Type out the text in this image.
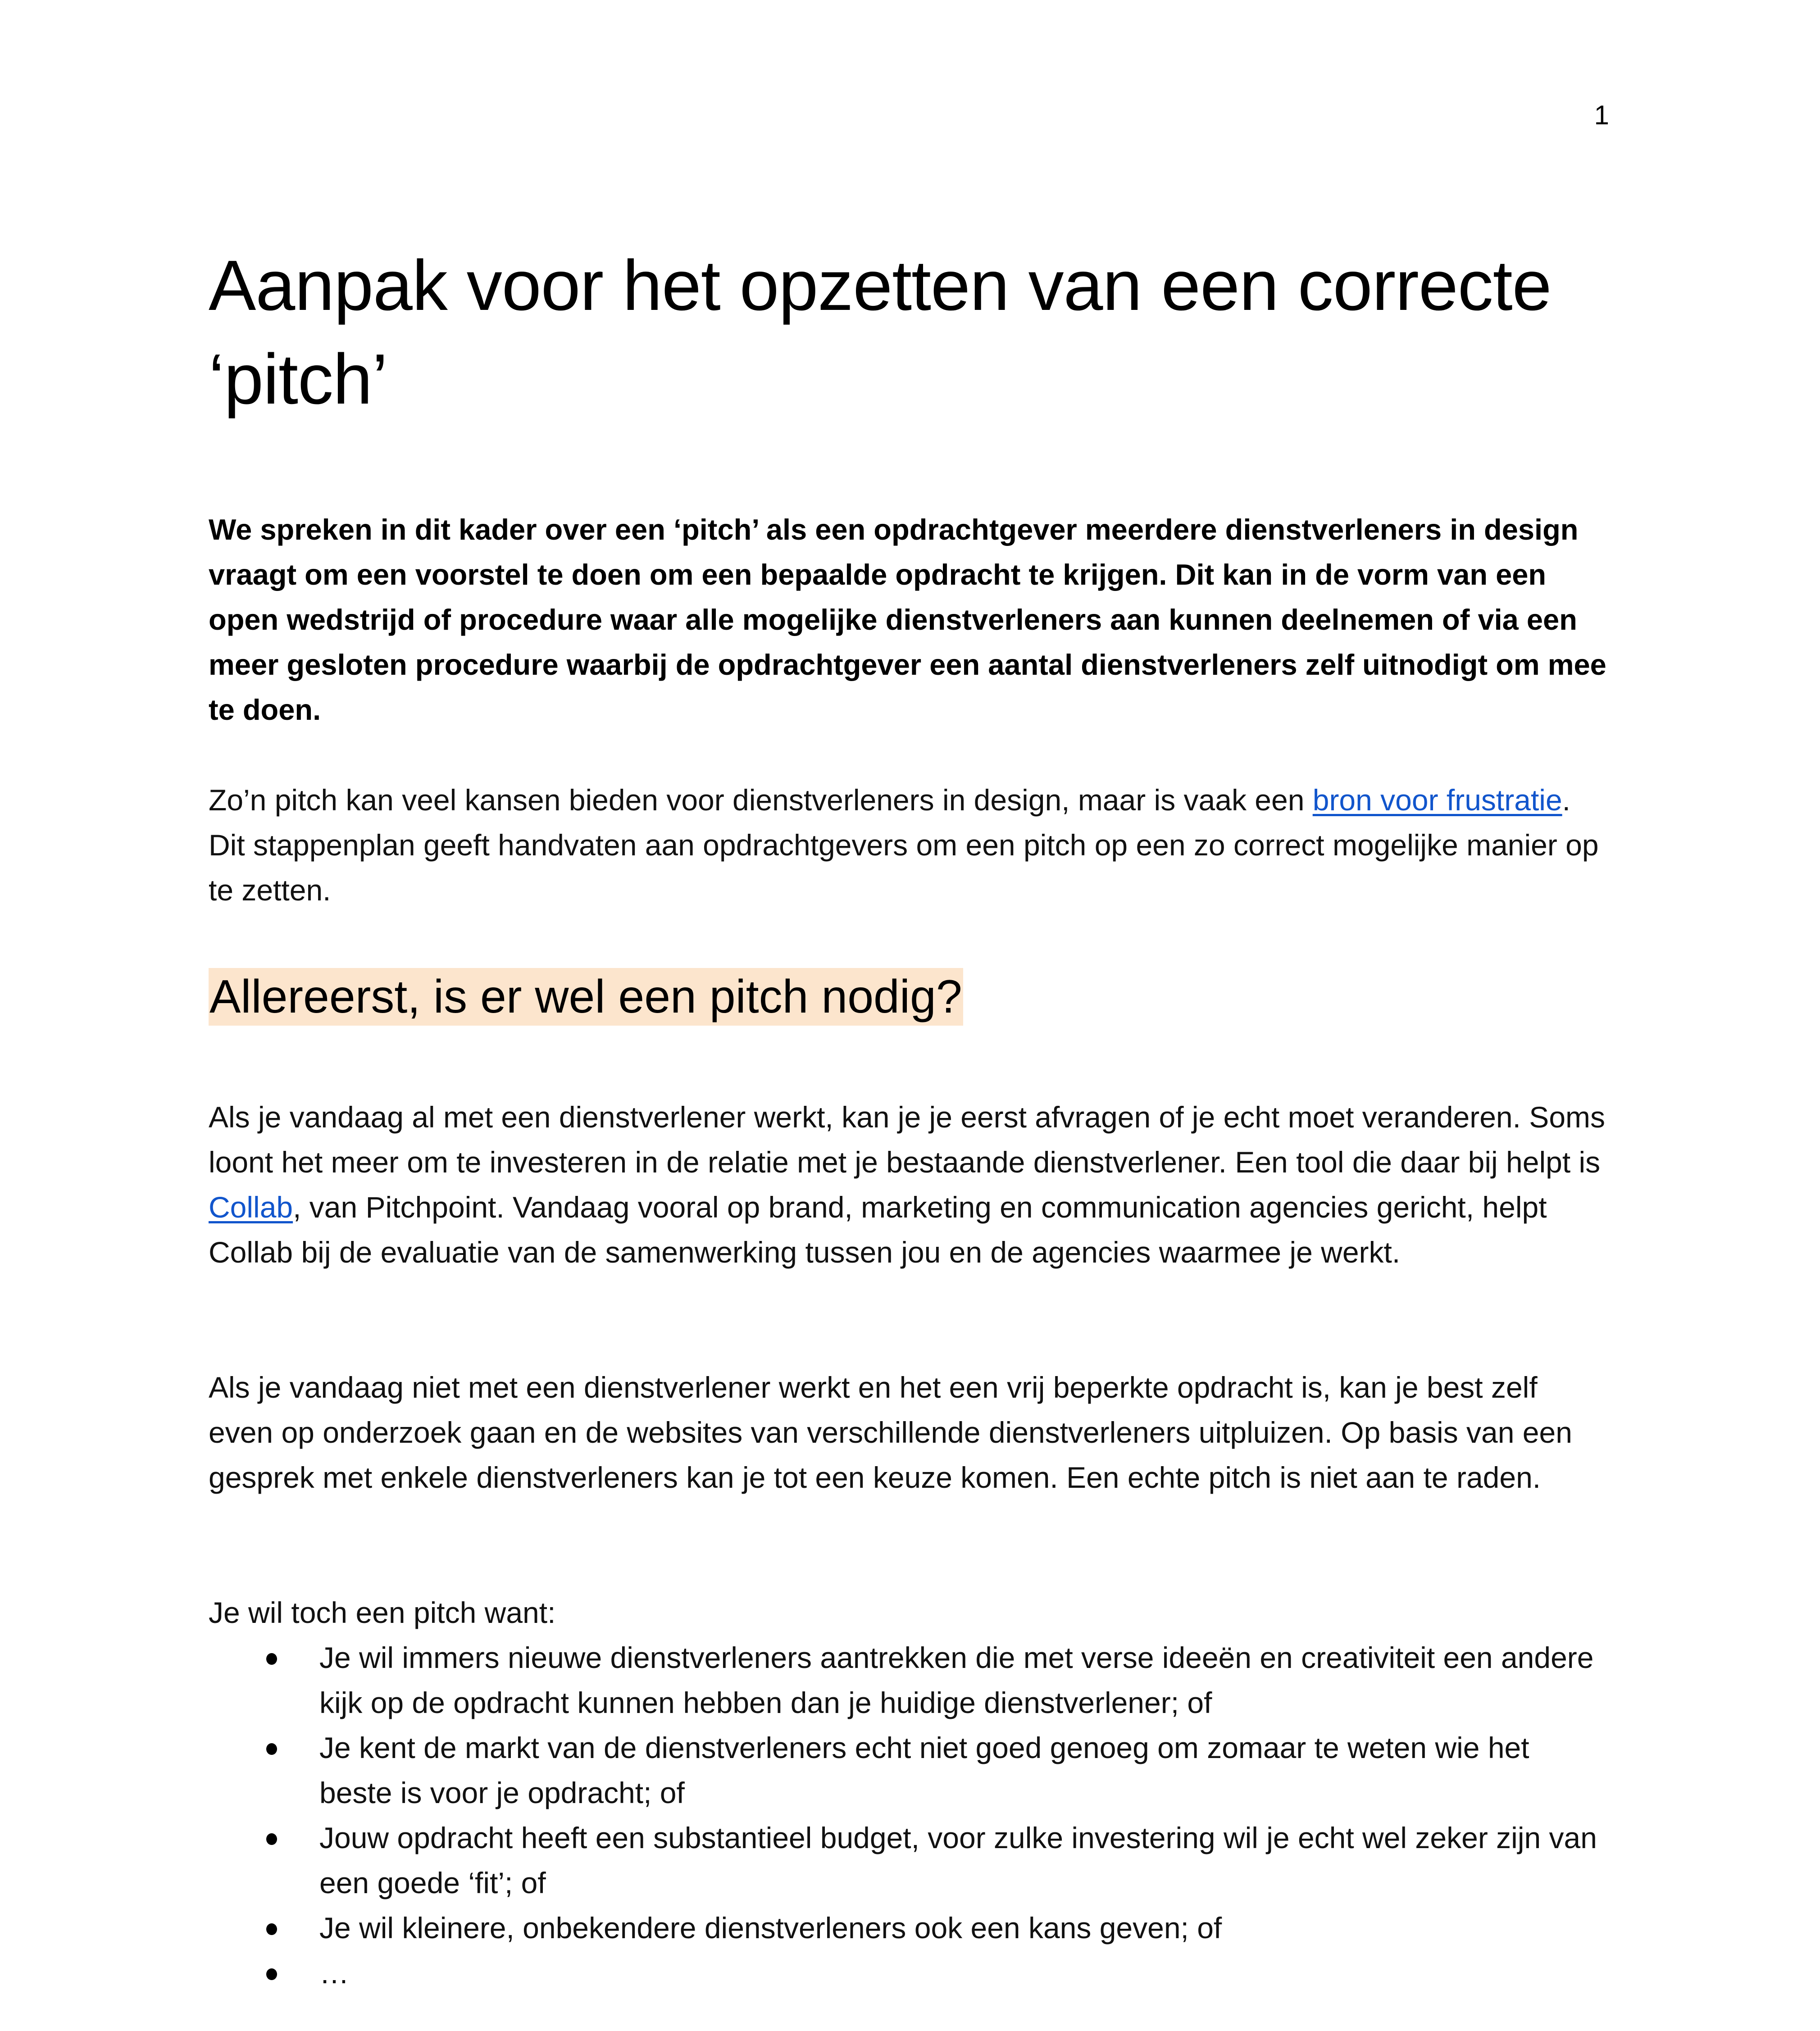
1
Aanpak voor het opzetten van een correcte ‘pitch’

We spreken in dit kader over een ‘pitch’ als een opdrachtgever meerdere dienstverleners in design vraagt om een voorstel te doen om een bepaalde opdracht te krijgen. Dit kan in de vorm van een open wedstrijd of procedure waar alle mogelijke dienstverleners aan kunnen deelnemen of via een meer gesloten procedure waarbij de opdrachtgever een aantal dienstverleners zelf uitnodigt om mee te doen.

Zo’n pitch kan veel kansen bieden voor dienstverleners in design, maar is vaak een bron voor frustratie. Dit stappenplan geeft handvaten aan opdrachtgevers om een pitch op een zo correct mogelijke manier op te zetten.

Allereerst, is er wel een pitch nodig?

Als je vandaag al met een dienstverlener werkt, kan je je eerst afvragen of je echt moet veranderen. Soms loont het meer om te investeren in de relatie met je bestaande dienstverlener. Een tool die daar bij helpt is Collab, van Pitchpoint. Vandaag vooral op brand, marketing en communication agencies gericht, helpt Collab bij de evaluatie van de samenwerking tussen jou en de agencies waarmee je werkt.

Als je vandaag niet met een dienstverlener werkt en het een vrij beperkte opdracht is, kan je best zelf even op onderzoek gaan en de websites van verschillende dienstverleners uitpluizen. Op basis van een gesprek met enkele dienstverleners kan je tot een keuze komen. Een echte pitch is niet aan te raden.

Je wil toch een pitch want:

Je wil immers nieuwe dienstverleners aantrekken die met verse ideeën en creativiteit een andere kijk op de opdracht kunnen hebben dan je huidige dienstverlener; of
Je kent de markt van de dienstverleners echt niet goed genoeg om zomaar te weten wie het beste is voor je opdracht; of
Jouw opdracht heeft een substantieel budget, voor zulke investering wil je echt wel zeker zijn van een goede ‘fit’; of
Je wil kleinere, onbekendere dienstverleners ook een kans geven; of
…
